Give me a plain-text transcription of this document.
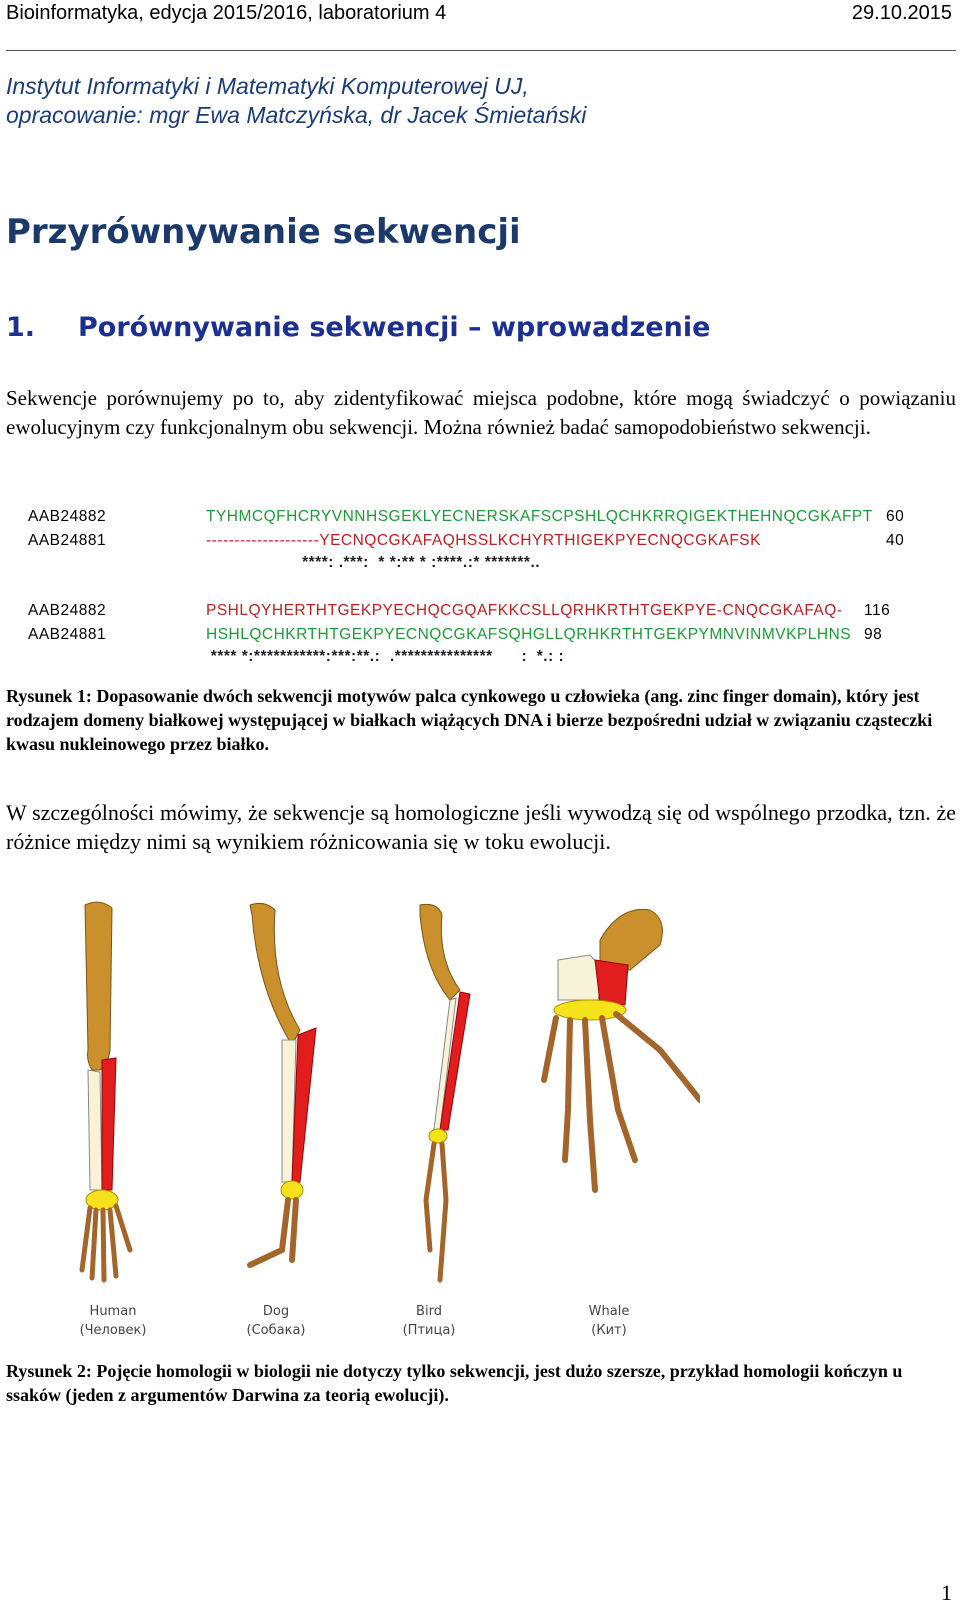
Bioinformatyka, edycja 2015/2016, laboratorium 4	29.10.2015
Instytut Informatyki i Matematyki Komputerowej UJ,
opracowanie: mgr Ewa Matczyńska, dr Jacek Śmietański
Przyrównywanie sekwencji
1. Porównywanie sekwencji – wprowadzenie
Sekwencje porównujemy po to, aby zidentyfikować miejsca podobne, które mogą świadczyć o powiązaniu ewolucyjnym czy funkcjonalnym obu sekwencji. Można również badać samopodobieństwo sekwencji.
AAB24882	TYHMCQFHCRYVNNHSGEKLYECNERSKAFSCPSHLQCHKRRQIGEKTHEHNQCGKAFPT 60
AAB24881	--------------------YECNQCGKAFAQHSSLKCHYRTHIGEKPYECNQCGKAFSK	40
****: .***:  * *:** * :****.:* *******..
AAB24882	PSHLQYHERTHTGEKPYECHQCGQAFKKCSLLQRHKRTHTGEKPYE-CNQCGKAFAQ- 116
AAB24881	HSHLQCHKRTHTGEKPYECNQCGKAFSQHGLLQRHKRTHTGEKPYMNVINMVKPLHNS 98
**** *:***********:***:**.:  .***************      :  *.: :
Rysunek 1: Dopasowanie dwóch sekwencji motywów palca cynkowego u człowieka (ang. zinc finger domain), który jest rodzajem domeny białkowej występującej w białkach wiążących DNA i bierze bezpośredni udział w związaniu cząsteczki kwasu nukleinowego przez białko.
W szczególności mówimy, że sekwencje są homologiczne jeśli wywodzą się od wspólnego przodka, tzn. że różnice między nimi są wynikiem różnicowania się w toku ewolucji.
Human
(Человек)
Dog
(Собака)
Bird
(Птица)
Whale
(Кит)
Rysunek 2: Pojęcie homologii w biologii nie dotyczy tylko sekwencji, jest dużo szersze, przykład homologii kończyn u ssaków (jeden z argumentów Darwina za teorią ewolucji).
1
